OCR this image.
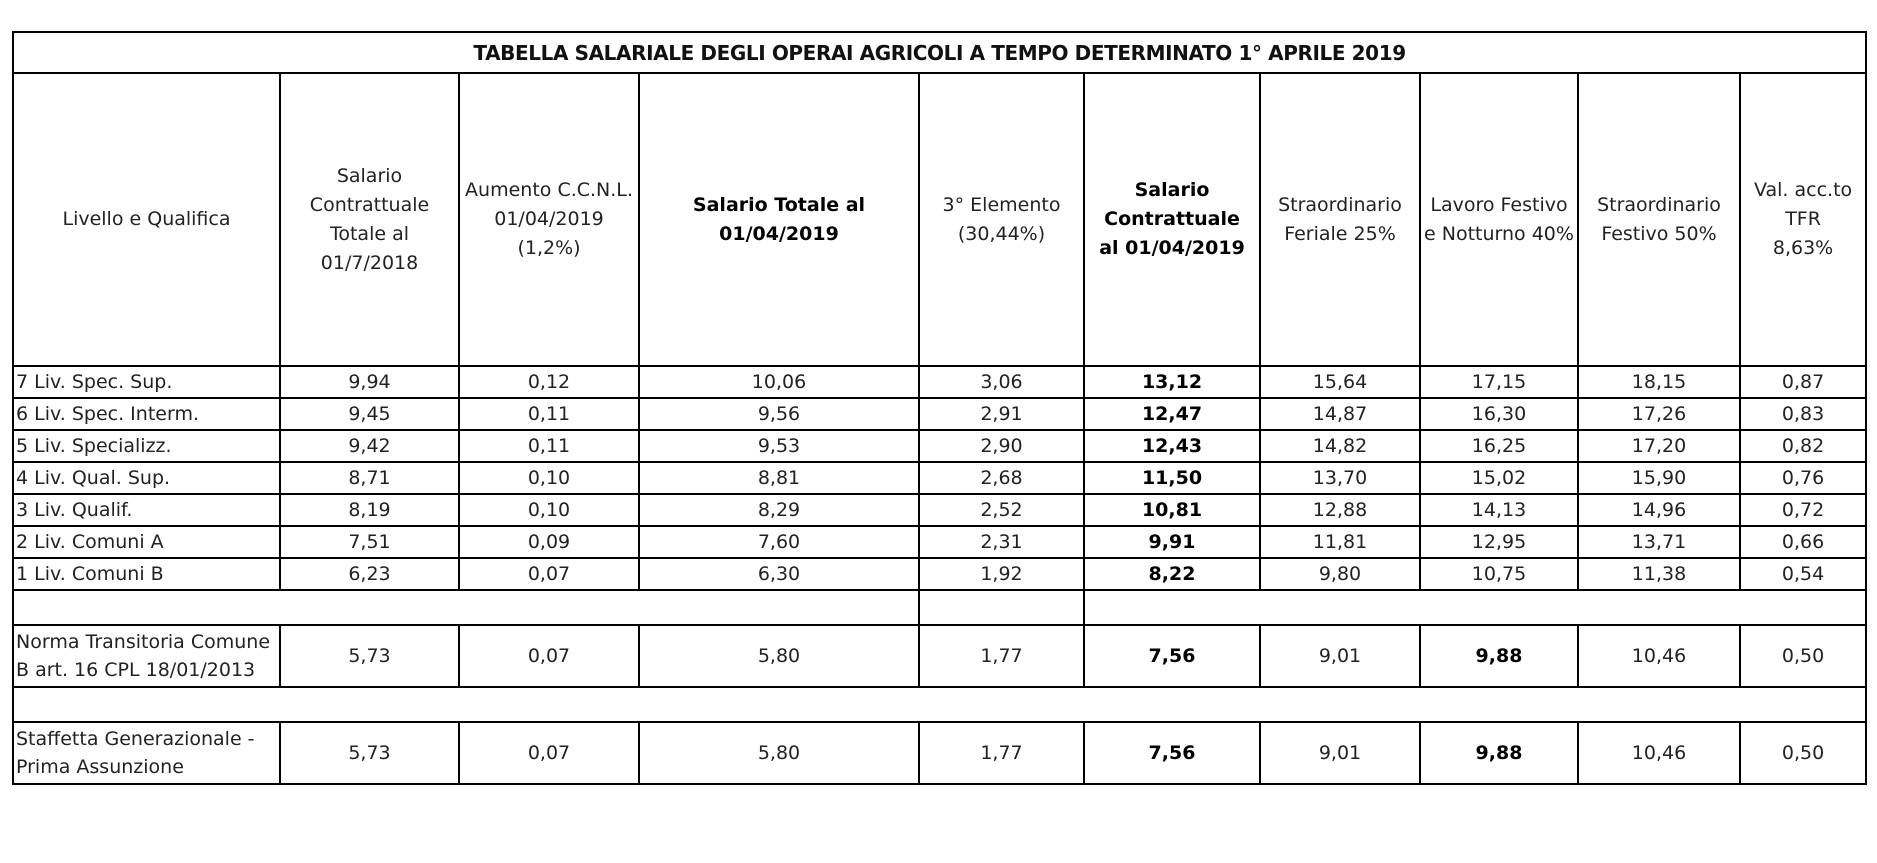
TABELLA SALARIALE DEGLI OPERAI AGRICOLI A TEMPO DETERMINATO 1° APRILE 2019									
Livello e Qualifica	Salario Contrattuale Totale al 01/7/2018	Aumento C.C.N.L. 01/04/2019 (1,2%)	Salario Totale al 01/04/2019	3° Elemento (30,44%)	Salario Contrattuale al 01/04/2019	Straordinario Feriale 25%	Lavoro Festivo e Notturno 40%	Straordinario Festivo 50%	Val. acc.to TFR 8,63%
7 Liv. Spec. Sup.	9,94	0,12	10,06	3,06	13,12	15,64	17,15	18,15	0,87
6 Liv. Spec. Interm.	9,45	0,11	9,56	2,91	12,47	14,87	16,30	17,26	0,83
5 Liv. Specializz.	9,42	0,11	9,53	2,90	12,43	14,82	16,25	17,20	0,82
4 Liv. Qual. Sup.	8,71	0,10	8,81	2,68	11,50	13,70	15,02	15,90	0,76
3 Liv. Qualif.	8,19	0,10	8,29	2,52	10,81	12,88	14,13	14,96	0,72
2 Liv. Comuni A	7,51	0,09	7,60	2,31	9,91	11,81	12,95	13,71	0,66
1 Liv. Comuni B	6,23	0,07	6,30	1,92	8,22	9,80	10,75	11,38	0,54

Norma Transitoria Comune
B art. 16 CPL 18/01/2013	5,73	0,07	5,80	1,77	7,56	9,01	9,88	10,46	0,50

Staffetta Generazionale -
Prima Assunzione	5,73	0,07	5,80	1,77	7,56	9,01	9,88	10,46	0,50
